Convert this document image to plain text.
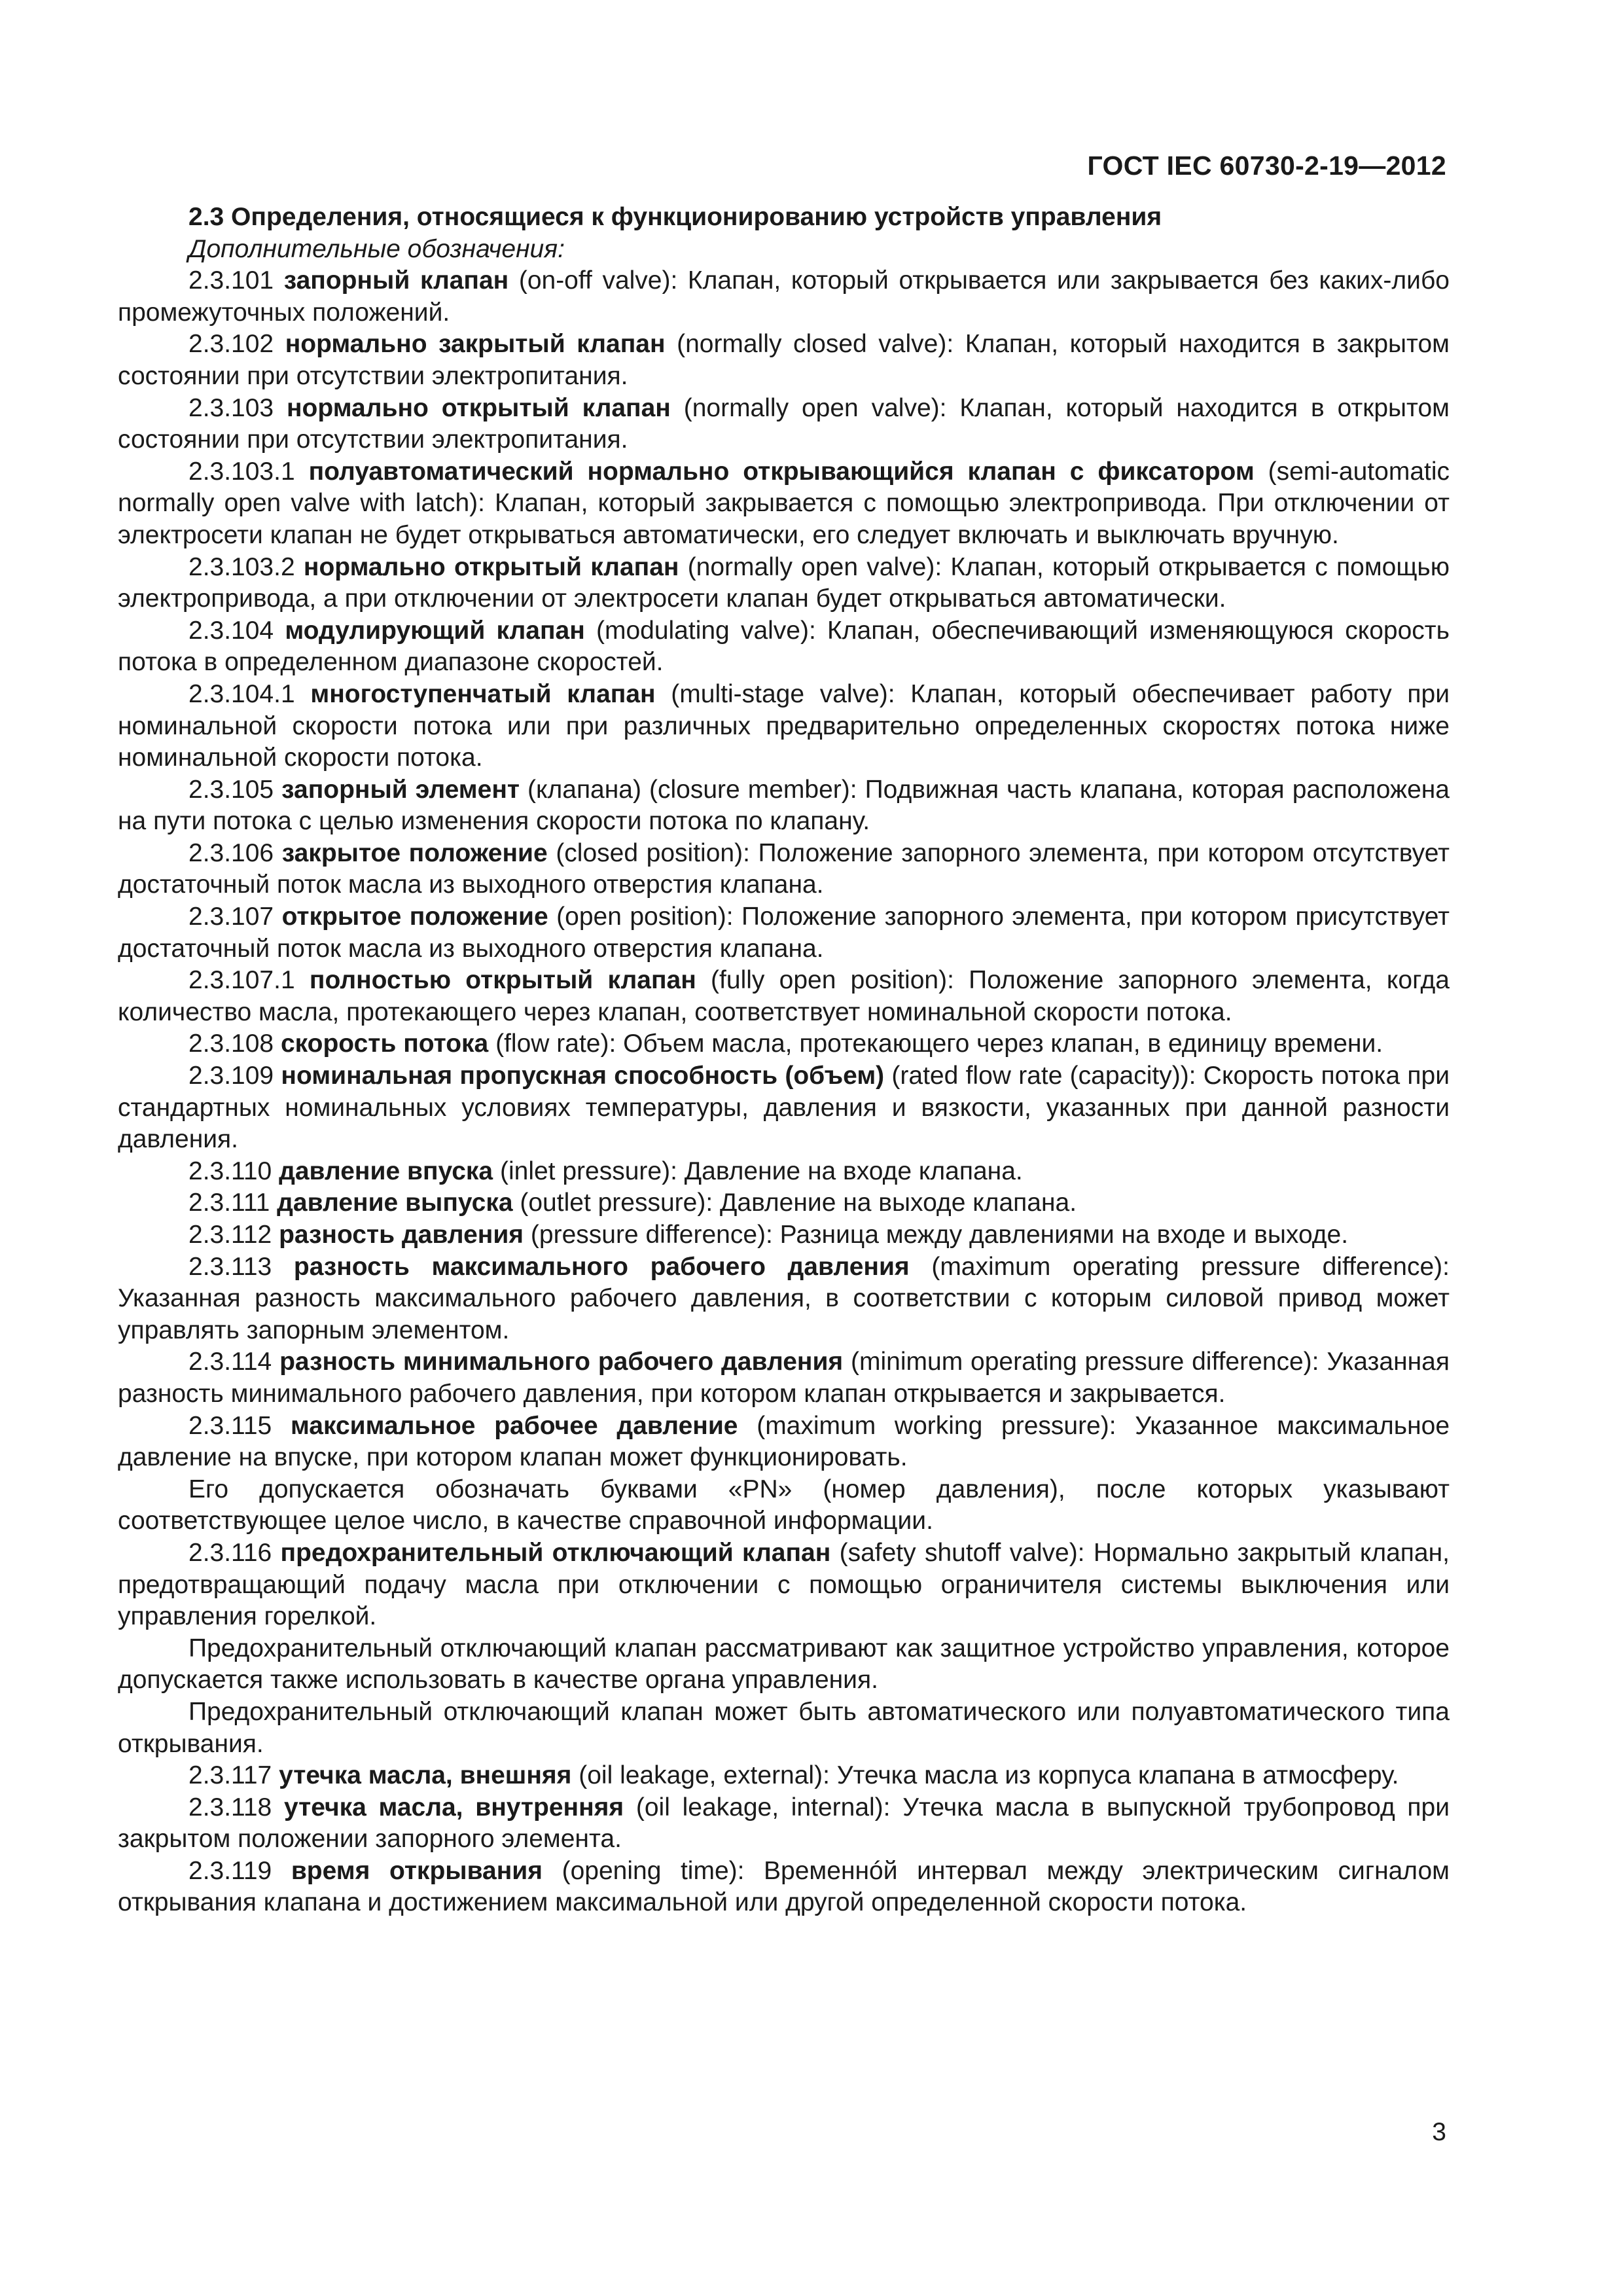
ГОСТ IEC 60730-2-19—2012

2.3 Определения, относящиеся к функционированию устройств управления

Дополнительные обозначения:

2.3.101 запорный клапан (on-off valve): Клапан, который открывается или закрывается без каких-либо промежуточных положений.

2.3.102 нормально закрытый клапан (normally closed valve): Клапан, который находится в закрытом состоянии при отсутствии электропитания.

2.3.103 нормально открытый клапан (normally open valve): Клапан, который находится в открытом состоянии при отсутствии электропитания.

2.3.103.1 полуавтоматический нормально открывающийся клапан с фиксатором (semi-automatic normally open valve with latch): Клапан, который закрывается с помощью электропривода. При отключении от электросети клапан не будет открываться автоматически, его следует включать и выключать вручную.

2.3.103.2 нормально открытый клапан (normally open valve): Клапан, который открывается с помощью электропривода, а при отключении от электросети клапан будет открываться автоматически.

2.3.104 модулирующий клапан (modulating valve): Клапан, обеспечивающий изменяющуюся скорость потока в определенном диапазоне скоростей.

2.3.104.1 многоступенчатый клапан (multi-stage valve): Клапан, который обеспечивает работу при номинальной скорости потока или при различных предварительно определенных скоростях потока ниже номинальной скорости потока.

2.3.105 запорный элемент (клапана) (closure member): Подвижная часть клапана, которая расположена на пути потока с целью изменения скорости потока по клапану.

2.3.106 закрытое положение (closed position): Положение запорного элемента, при котором отсутствует достаточный поток масла из выходного отверстия клапана.

2.3.107 открытое положение (open position): Положение запорного элемента, при котором присутствует достаточный поток масла из выходного отверстия клапана.

2.3.107.1 полностью открытый клапан (fully open position): Положение запорного элемента, когда количество масла, протекающего через клапан, соответствует номинальной скорости потока.

2.3.108 скорость потока (flow rate): Объем масла, протекающего через клапан, в единицу времени.

2.3.109 номинальная пропускная способность (объем) (rated flow rate (capacity)): Скорость потока при стандартных номинальных условиях температуры, давления и вязкости, указанных при данной разности давления.

2.3.110 давление впуска (inlet pressure): Давление на входе клапана.

2.3.111 давление выпуска (outlet pressure): Давление на выходе клапана.

2.3.112 разность давления (pressure difference): Разница между давлениями на входе и выходе.

2.3.113 разность максимального рабочего давления (maximum operating pressure difference): Указанная разность максимального рабочего давления, в соответствии с которым силовой привод может управлять запорным элементом.

2.3.114 разность минимального рабочего давления (minimum operating pressure difference): Указанная разность минимального рабочего давления, при котором клапан открывается и закрывается.

2.3.115 максимальное рабочее давление (maximum working pressure): Указанное максимальное давление на впуске, при котором клапан может функционировать.

Его допускается обозначать буквами «PN» (номер давления), после которых указывают соответствующее целое число, в качестве справочной информации.

2.3.116 предохранительный отключающий клапан (safety shutoff valve): Нормально закрытый клапан, предотвращающий подачу масла при отключении с помощью ограничителя системы выключения или управления горелкой.

Предохранительный отключающий клапан рассматривают как защитное устройство управления, которое допускается также использовать в качестве органа управления.

Предохранительный отключающий клапан может быть автоматического или полуавтоматического типа открывания.

2.3.117 утечка масла, внешняя (oil leakage, external): Утечка масла из корпуса клапана в атмосферу.

2.3.118 утечка масла, внутренняя (oil leakage, internal): Утечка масла в выпускной трубопровод при закрытом положении запорного элемента.

2.3.119 время открывания (opening time): Временнóй интервал между электрическим сигналом открывания клапана и достижением максимальной или другой определенной скорости потока.

3
